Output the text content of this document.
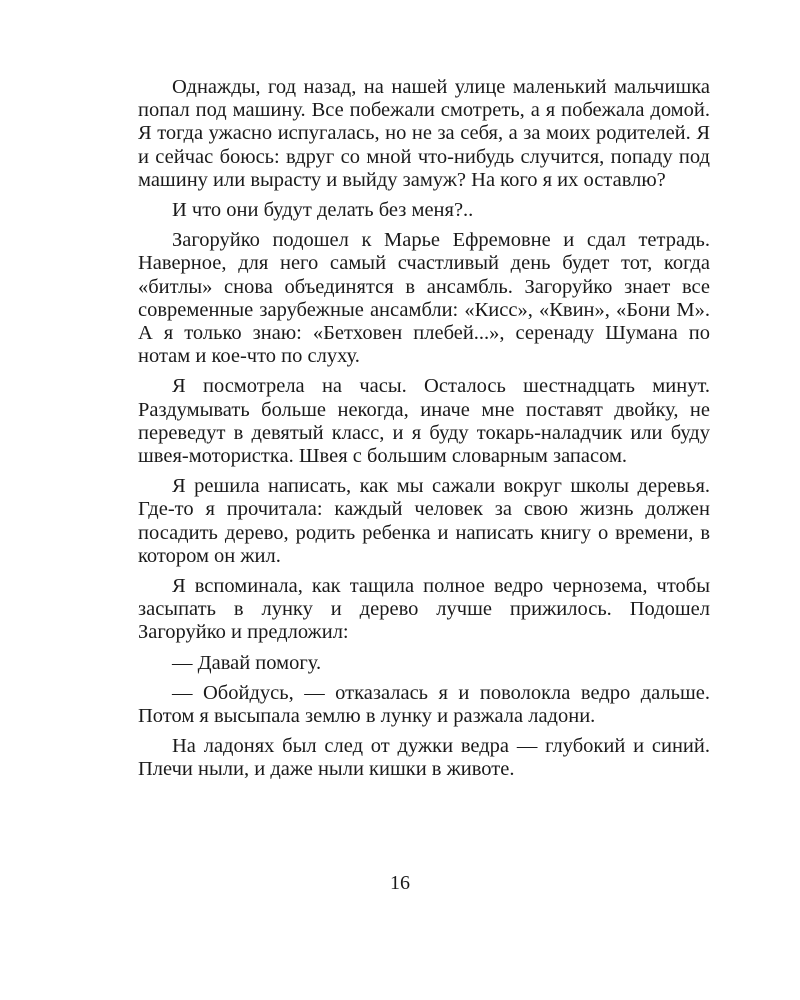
Однажды, год назад, на нашей улице маленький мальчишка попал под машину. Все побежали смотреть, а я побежала домой. Я тогда ужасно испугалась, но не за себя, а за моих родителей. Я и сейчас боюсь: вдруг со мной что-нибудь случится, попаду под машину или вырасту и выйду замуж? На кого я их оставлю?

И что они будут делать без меня?..

Загоруйко подошел к Марье Ефремовне и сдал тетрадь. Наверное, для него самый счастливый день будет тот, когда «битлы» снова объединятся в ансамбль. Загоруйко знает все современные зарубежные ансамбли: «Кисс», «Квин», «Бони М». А я только знаю: «Бетховен плебей...», серенаду Шумана по нотам и кое-что по слуху.

Я посмотрела на часы. Осталось шестнадцать минут. Раздумывать больше некогда, иначе мне поставят двойку, не переведут в девятый класс, и я буду токарь-наладчик или буду швея-мотористка. Швея с большим словарным запасом.

Я решила написать, как мы сажали вокруг школы деревья. Где-то я прочитала: каждый человек за свою жизнь должен посадить дерево, родить ребенка и написать книгу о времени, в котором он жил.

Я вспоминала, как тащила полное ведро чернозема, чтобы засыпать в лунку и дерево лучше прижилось. Подошел Загоруйко и предложил:

— Давай помогу.

— Обойдусь, — отказалась я и поволокла ведро дальше. Потом я высыпала землю в лунку и разжала ладони.

На ладонях был след от дужки ведра — глубокий и синий. Плечи ныли, и даже ныли кишки в животе.

16
